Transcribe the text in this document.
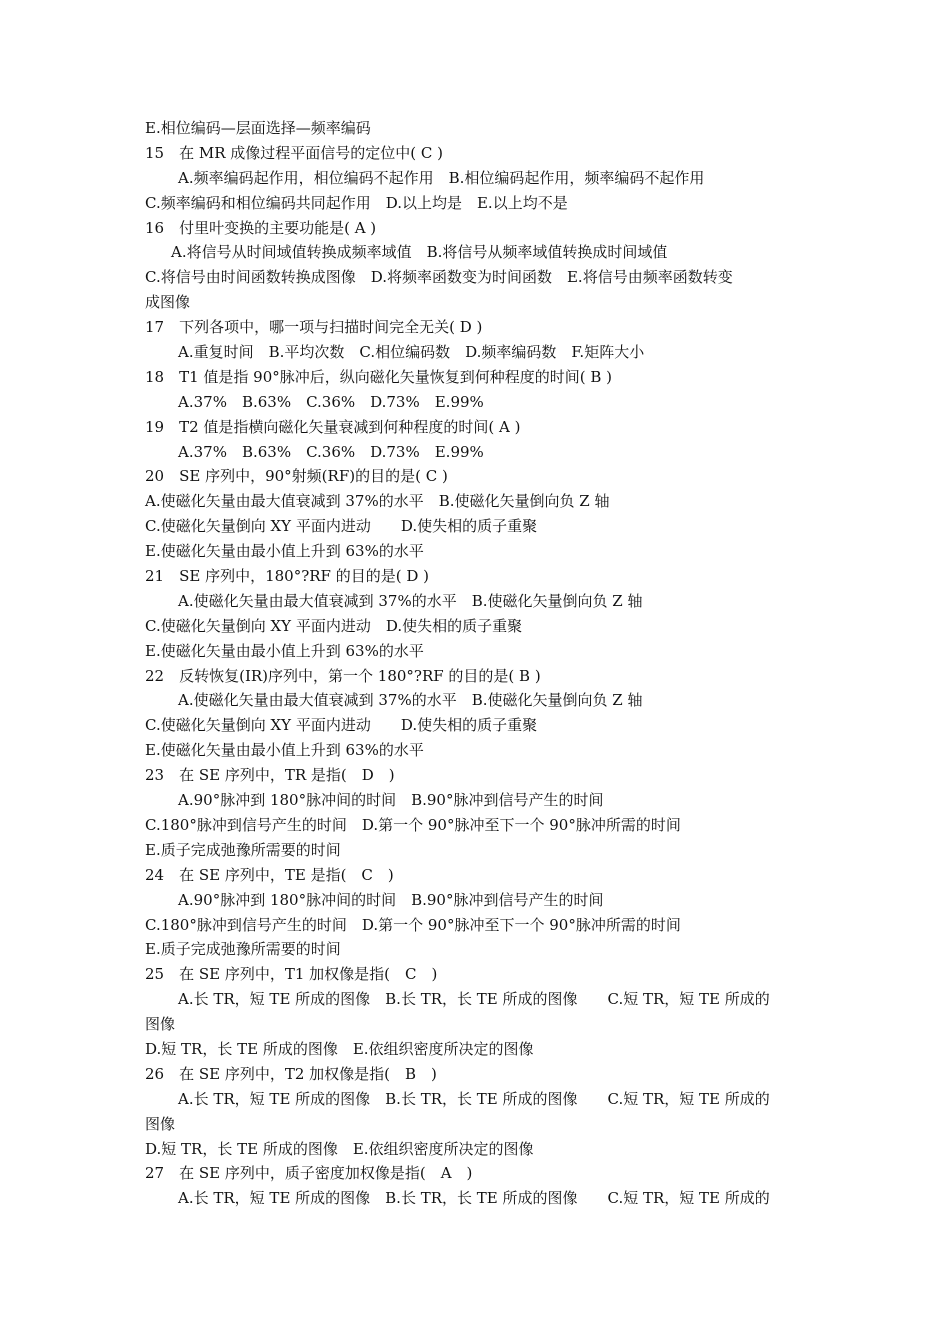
E.相位编码—层面选择—频率编码
15　在 MR 成像过程平面信号的定位中( C )
A.频率编码起作用，相位编码不起作用　B.相位编码起作用，频率编码不起作用
C.频率编码和相位编码共同起作用　D.以上均是　E.以上均不是
16　付里叶变换的主要功能是( A )
A.将信号从时间域值转换成频率域值　B.将信号从频率域值转换成时间域值
C.将信号由时间函数转换成图像　D.将频率函数变为时间函数　E.将信号由频率函数转变
成图像
17　下列各项中，哪一项与扫描时间完全无关( D )
A.重复时间　B.平均次数　C.相位编码数　D.频率编码数　F.矩阵大小
18　T1 值是指 90°脉冲后，纵向磁化矢量恢复到何种程度的时间( B )
A.37%　B.63%　C.36%　D.73%　E.99%
19　T2 值是指横向磁化矢量衰减到何种程度的时间( A )
A.37%　B.63%　C.36%　D.73%　E.99%
20　SE 序列中，90°射频(RF)的目的是( C )
A.使磁化矢量由最大值衰减到 37%的水平　B.使磁化矢量倒向负 Z 轴
C.使磁化矢量倒向 XY 平面内进动　　D.使失相的质子重聚
E.使磁化矢量由最小值上升到 63%的水平
21　SE 序列中，180°?RF 的目的是( D )
A.使磁化矢量由最大值衰减到 37%的水平　B.使磁化矢量倒向负 Z 轴
C.使磁化矢量倒向 XY 平面内进动　D.使失相的质子重聚
E.使磁化矢量由最小值上升到 63%的水平
22　反转恢复(IR)序列中，第一个 180°?RF 的目的是( B )
A.使磁化矢量由最大值衰减到 37%的水平　B.使磁化矢量倒向负 Z 轴
C.使磁化矢量倒向 XY 平面内进动　　D.使失相的质子重聚
E.使磁化矢量由最小值上升到 63%的水平
23　在 SE 序列中，TR 是指(　D　)
A.90°脉冲到 180°脉冲间的时间　B.90°脉冲到信号产生的时间
C.180°脉冲到信号产生的时间　D.第一个 90°脉冲至下一个 90°脉冲所需的时间
E.质子完成弛豫所需要的时间
24　在 SE 序列中，TE 是指(　C　)
A.90°脉冲到 180°脉冲间的时间　B.90°脉冲到信号产生的时间
C.180°脉冲到信号产生的时间　D.第一个 90°脉冲至下一个 90°脉冲所需的时间
E.质子完成弛豫所需要的时间
25　在 SE 序列中，T1 加权像是指(　C　)
A.长 TR，短 TE 所成的图像　B.长 TR，长 TE 所成的图像　　C.短 TR，短 TE 所成的
图像
D.短 TR，长 TE 所成的图像　E.依组织密度所决定的图像
26　在 SE 序列中，T2 加权像是指(　B　)
A.长 TR，短 TE 所成的图像　B.长 TR，长 TE 所成的图像　　C.短 TR，短 TE 所成的
图像
D.短 TR，长 TE 所成的图像　E.依组织密度所决定的图像
27　在 SE 序列中，质子密度加权像是指(　A　)
A.长 TR，短 TE 所成的图像　B.长 TR，长 TE 所成的图像　　C.短 TR，短 TE 所成的
